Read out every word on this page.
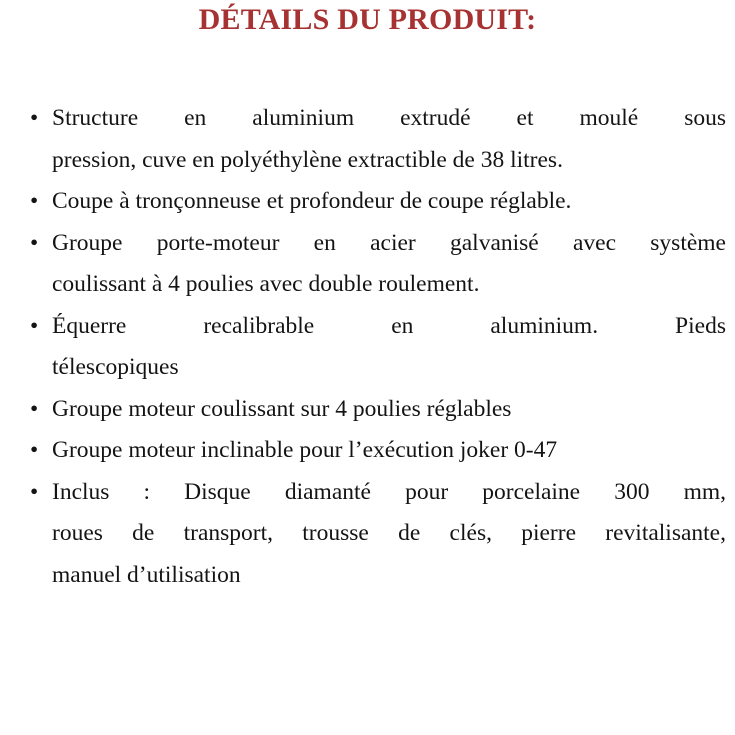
DÉTAILS DU PRODUIT:
• Structure en aluminium extrudé et moulé sous
pression, cuve en polyéthylène extractible de 38 litres.
• Coupe à tronçonneuse et profondeur de coupe réglable.
• Groupe porte-moteur en acier galvanisé avec système
coulissant à 4 poulies avec double roulement.
• Équerre recalibrable en aluminium. Pieds
télescopiques
• Groupe moteur coulissant sur 4 poulies réglables
• Groupe moteur inclinable pour l’exécution joker 0-47
• Inclus : Disque diamanté pour porcelaine 300 mm,
roues de transport, trousse de clés, pierre revitalisante,
manuel d’utilisation
